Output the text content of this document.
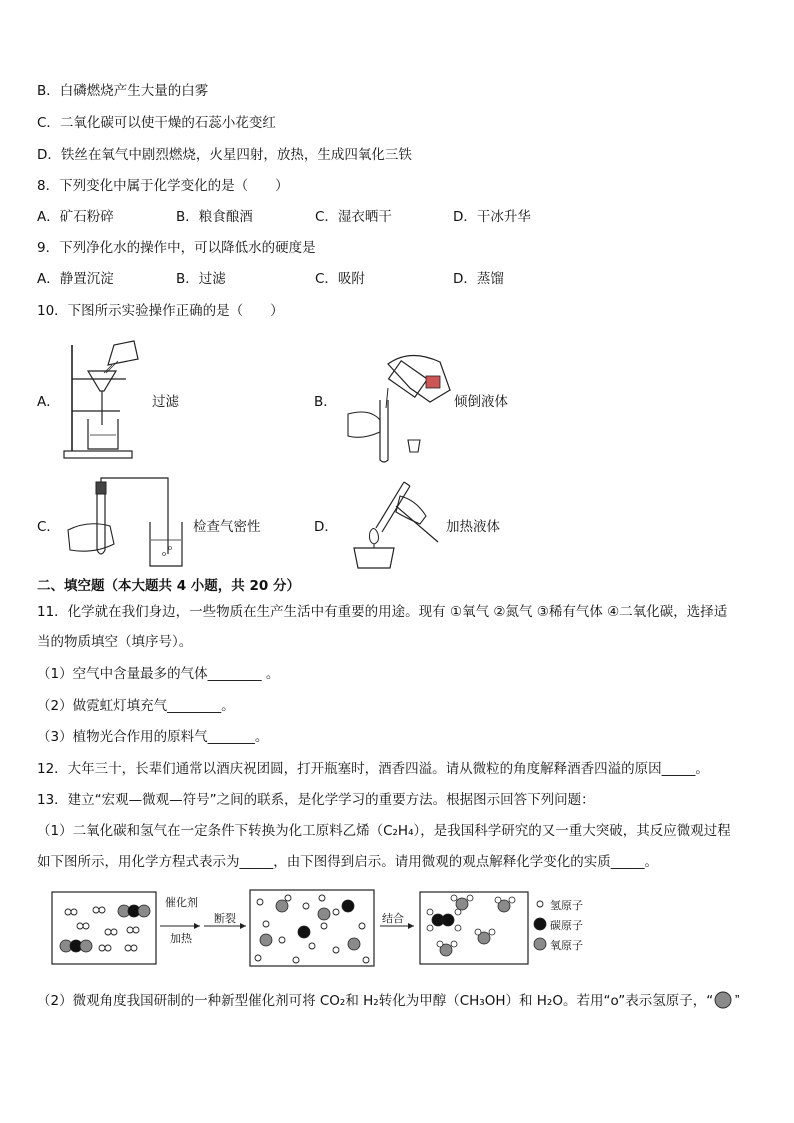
B．白磷燃烧产生大量的白雾
C．二氧化碳可以使干燥的石蕊小花变红
D．铁丝在氧气中剧烈燃烧，火星四射，放热，生成四氧化三铁
8．下列变化中属于化学变化的是（　　）
A．矿石粉碎	B．粮食酿酒	C．湿衣晒干	D．干冰升华
9．下列净化水的操作中，可以降低水的硬度是
A．静置沉淀	B．过滤	C．吸附	D．蒸馏
10．下图所示实验操作正确的是（　　）
A．	过滤	B．	倾倒液体
C．	检查气密性	D．	加热液体
二、填空题（本大题共 4 小题，共 20 分）
11．化学就在我们身边，一些物质在生产生活中有重要的用途。现有 ①氧气 ②氮气 ③稀有气体 ④二氧化碳，选择适
当的物质填空（填序号）。
（1）空气中含量最多的气体________ 。
（2）做霓虹灯填充气________。
（3）植物光合作用的原料气_______。
12．大年三十，长辈们通常以酒庆祝团圆，打开瓶塞时，酒香四溢。请从微粒的角度解释酒香四溢的原因_____。
13．建立“宏观—微观—符号”之间的联系，是化学学习的重要方法。根据图示回答下列问题：
（1）二氧化碳和氢气在一定条件下转换为化工原料乙烯（C₂H₄），是我国科学研究的又一重大突破，其反应微观过程
如下图所示，用化学方程式表示为_____，由下图得到启示。请用微观的观点解释化学变化的实质_____。
催化剂
加热
断裂	结合
氢原子
碳原子
氧原子
（2）微观角度我国研制的一种新型催化剂可将 CO₂和 H₂转化为甲醇（CH₃OH）和 H₂O。若用“o”表示氢原子，“ ”
